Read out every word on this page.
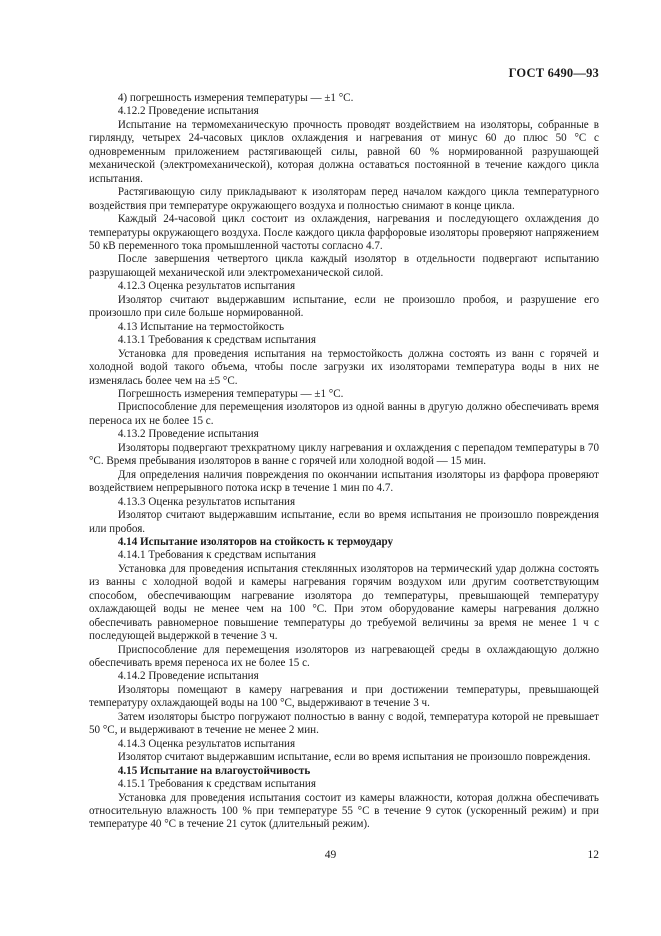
ГОСТ 6490—93

4) погрешность измерения температуры — ±1 °С.

4.12.2 Проведение испытания

Испытание на термомеханическую прочность проводят воздействием на изоляторы, собранные в гирлянду, четырех 24-часовых циклов охлаждения и нагревания от минус 60 до плюс 50 °С с одновременным приложением растягивающей силы, равной 60 % нормированной разрушающей механической (электромеханической), которая должна оставаться постоянной в течение каждого цикла испытания.

Растягивающую силу прикладывают к изоляторам перед началом каждого цикла температурного воздействия при температуре окружающего воздуха и полностью снимают в конце цикла.

Каждый 24-часовой цикл состоит из охлаждения, нагревания и последующего охлаждения до температуры окружающего воздуха. После каждого цикла фарфоровые изоляторы проверяют напряжением 50 кВ переменного тока промышленной частоты согласно 4.7.

После завершения четвертого цикла каждый изолятор в отдельности подвергают испытанию разрушающей механической или электромеханической силой.

4.12.3 Оценка результатов испытания

Изолятор считают выдержавшим испытание, если не произошло пробоя, и разрушение его произошло при силе больше нормированной.

4.13 Испытание на термостойкость

4.13.1 Требования к средствам испытания

Установка для проведения испытания на термостойкость должна состоять из ванн с горячей и холодной водой такого объема, чтобы после загрузки их изоляторами температура воды в них не изменялась более чем на ±5 °С.

Погрешность измерения температуры — ±1 °С.

Приспособление для перемещения изоляторов из одной ванны в другую должно обеспечивать время переноса их не более 15 с.

4.13.2 Проведение испытания

Изоляторы подвергают трехкратному циклу нагревания и охлаждения с перепадом температуры в 70 °С. Время пребывания изоляторов в ванне с горячей или холодной водой — 15 мин.

Для определения наличия повреждения по окончании испытания изоляторы из фарфора проверяют воздействием непрерывного потока искр в течение 1 мин по 4.7.

4.13.3 Оценка результатов испытания

Изолятор считают выдержавшим испытание, если во время испытания не произошло повреждения или пробоя.

4.14 Испытание изоляторов на стойкость к термоудару

4.14.1 Требования к средствам испытания

Установка для проведения испытания стеклянных изоляторов на термический удар должна состоять из ванны с холодной водой и камеры нагревания горячим воздухом или другим соответствующим способом, обеспечивающим нагревание изолятора до температуры, превышающей температуру охлаждающей воды не менее чем на 100 °С. При этом оборудование камеры нагревания должно обеспечивать равномерное повышение температуры до требуемой величины за время не менее 1 ч с последующей выдержкой в течение 3 ч.

Приспособление для перемещения изоляторов из нагревающей среды в охлаждающую должно обеспечивать время переноса их не более 15 с.

4.14.2 Проведение испытания

Изоляторы помещают в камеру нагревания и при достижении температуры, превышающей температуру охлаждающей воды на 100 °С, выдерживают в течение 3 ч.

Затем изоляторы быстро погружают полностью в ванну с водой, температура которой не превышает 50 °С, и выдерживают в течение не менее 2 мин.

4.14.3 Оценка результатов испытания

Изолятор считают выдержавшим испытание, если во время испытания не произошло повреждения.

4.15 Испытание на влагоустойчивость

4.15.1 Требования к средствам испытания

Установка для проведения испытания состоит из камеры влажности, которая должна обеспечивать относительную влажность 100 % при температуре 55 °С в течение 9 суток (ускоренный режим) и при температуре 40 °С в течение 21 суток (длительный режим).

49	12
